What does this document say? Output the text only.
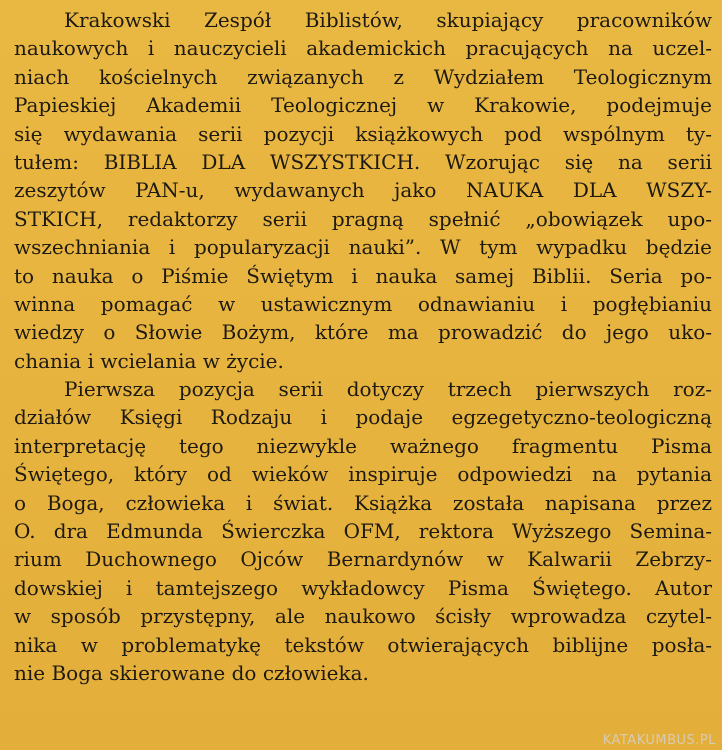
Krakowski Zespół Biblistów, skupiający pracowników
naukowych i nauczycieli akademickich pracujących na uczel-
niach kościelnych związanych z Wydziałem Teologicznym
Papieskiej Akademii Teologicznej w Krakowie, podejmuje
się wydawania serii pozycji książkowych pod wspólnym ty-
tułem: BIBLIA DLA WSZYSTKICH. Wzorując się na serii
zeszytów PAN-u, wydawanych jako NAUKA DLA WSZY-
STKICH, redaktorzy serii pragną spełnić „obowiązek upo-
wszechniania i popularyzacji nauki”. W tym wypadku będzie
to nauka o Piśmie Świętym i nauka samej Biblii. Seria po-
winna pomagać w ustawicznym odnawianiu i pogłębianiu
wiedzy o Słowie Bożym, które ma prowadzić do jego uko-
chania i wcielania w życie.
Pierwsza pozycja serii dotyczy trzech pierwszych roz-
działów Księgi Rodzaju i podaje egzegetyczno-teologiczną
interpretację tego niezwykle ważnego fragmentu Pisma
Świętego, który od wieków inspiruje odpowiedzi na pytania
o Boga, człowieka i świat. Książka została napisana przez
O. dra Edmunda Świerczka OFM, rektora Wyższego Semina-
rium Duchownego Ojców Bernardynów w Kalwarii Zebrzy-
dowskiej i tamtejszego wykładowcy Pisma Świętego. Autor
w sposób przystępny, ale naukowo ścisły wprowadza czytel-
nika w problematykę tekstów otwierających biblijne posła-
nie Boga skierowane do człowieka.
KATAKUMBUS.PL
